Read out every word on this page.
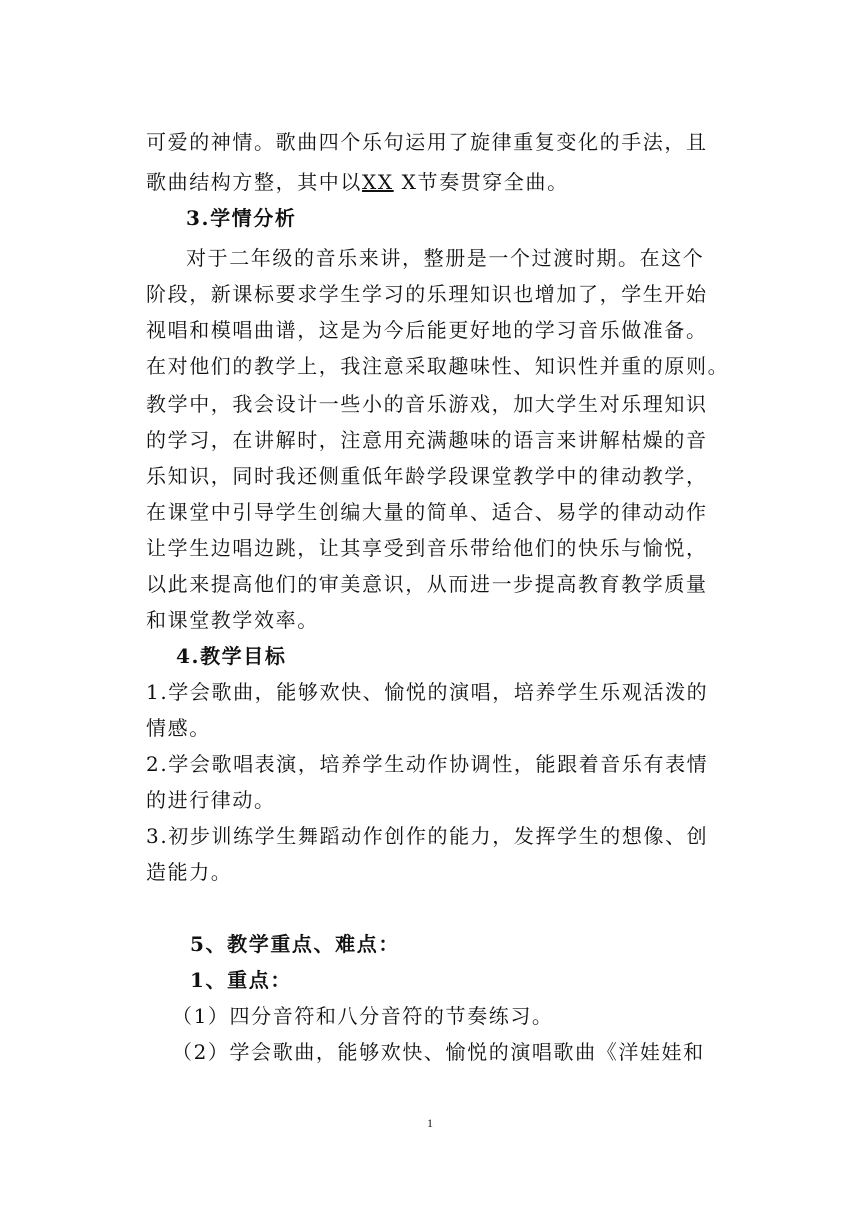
可爱的神情。歌曲四个乐句运用了旋律重复变化的手法，且
歌曲结构方整，其中以XX X节奏贯穿全曲。
3.学情分析
对于二年级的音乐来讲，整册是一个过渡时期。在这个
阶段，新课标要求学生学习的乐理知识也增加了，学生开始
视唱和模唱曲谱，这是为今后能更好地的学习音乐做准备。
在对他们的教学上，我注意采取趣味性、知识性并重的原则。
教学中，我会设计一些小的音乐游戏，加大学生对乐理知识
的学习，在讲解时，注意用充满趣味的语言来讲解枯燥的音
乐知识，同时我还侧重低年龄学段课堂教学中的律动教学，
在课堂中引导学生创编大量的简单、适合、易学的律动动作
让学生边唱边跳，让其享受到音乐带给他们的快乐与愉悦，
以此来提高他们的审美意识，从而进一步提高教育教学质量
和课堂教学效率。
4.教学目标
1.学会歌曲，能够欢快、愉悦的演唱，培养学生乐观活泼的
情感。
2.学会歌唱表演，培养学生动作协调性，能跟着音乐有表情
的进行律动。
3.初步训练学生舞蹈动作创作的能力，发挥学生的想像、创
造能力。
5、教学重点、难点：
1、重点：
（1）四分音符和八分音符的节奏练习。
（2）学会歌曲，能够欢快、愉悦的演唱歌曲《洋娃娃和
1
